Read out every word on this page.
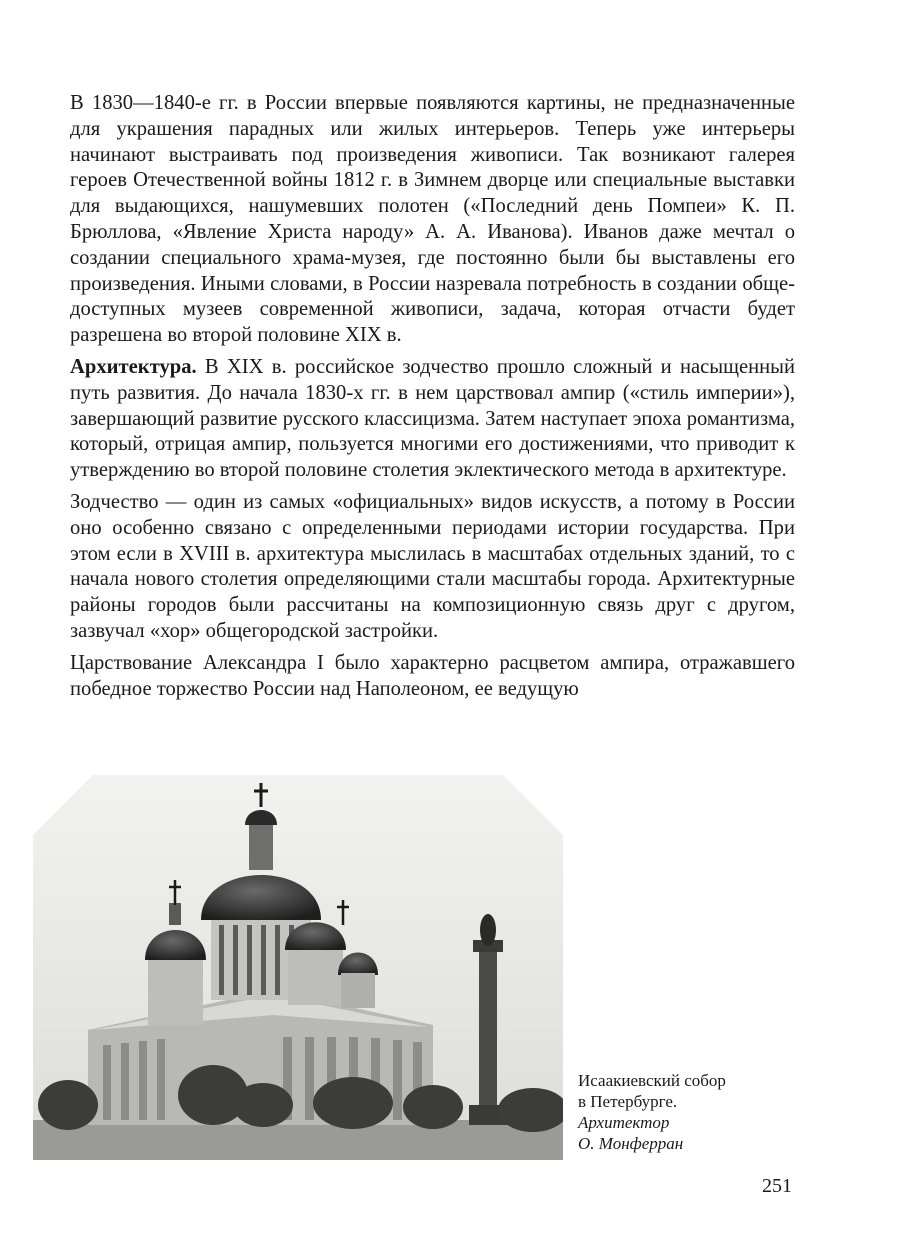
В 1830—1840-е гг. в России впервые появляются картины, не предназначенные для украшения парадных или жилых интерьеров. Теперь уже интерьеры начинают выстраивать под произведения живописи. Так возникают галерея героев Отечественной войны 1812 г. в Зимнем дворце или специальные выставки для выдающихся, нашумевших полотен («Последний день Помпеи» К. П. Брюллова, «Явление Христа народу» А. А. Иванова). Иванов даже мечтал о создании специального храма-музея, где постоянно были бы выставлены его произведения. Иными словами, в России назревала потребность в создании общедоступных музеев современной живописи, задача, которая отчасти будет разрешена во второй половине XIX в.

Архитектура. В XIX в. российское зодчество прошло сложный и насыщенный путь развития. До начала 1830-х гг. в нем царствовал ампир («стиль империи»), завершающий развитие русского классицизма. Затем наступает эпоха романтизма, который, отрицая ампир, пользуется многими его достижениями, что приводит к утверждению во второй половине столетия эклектического метода в архитектуре.

Зодчество — один из самых «официальных» видов искусств, а потому в России оно особенно связано с определенными периодами истории государства. При этом если в XVIII в. архитектура мыслилась в масштабах отдельных зданий, то с начала нового столетия определяющими стали масштабы города. Архитектурные районы городов были рассчитаны на композиционную связь друг с другом, зазвучал «хор» общегородской застройки.

Царствование Александра I было характерно расцветом ампира, отражавшего победное торжество России над Наполеоном, ее ведущую

Исаакиевский собор
в Петербурге.
Архитектор
О. Монферран
251
